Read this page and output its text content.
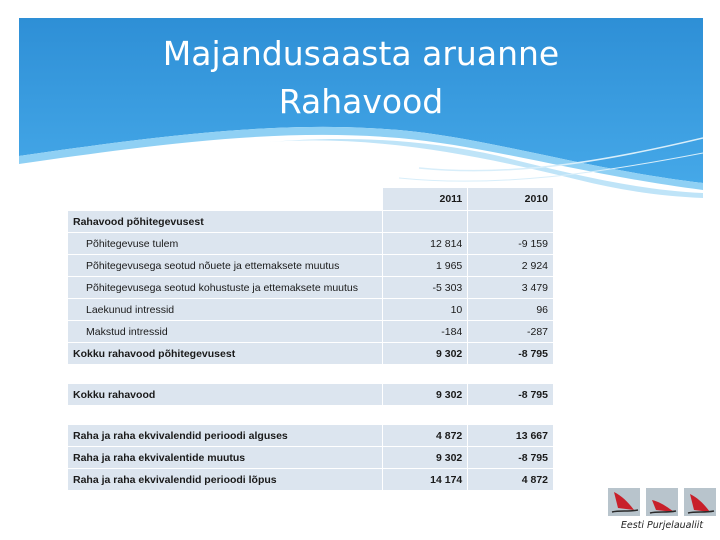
Majandusaasta aruanne
Rahavood
	2011	2010
Rahavood põhitegevusest		
Põhitegevuse tulem	12 814	-9 159
Põhitegevusega seotud nõuete ja ettemaksete muutus	1 965	2 924
Põhitegevusega seotud kohustuste ja ettemaksete muutus	-5 303	3 479
Laekunud intressid	10	96
Makstud intressid	-184	-287
Kokku rahavood põhitegevusest	9 302	-8 795

Kokku rahavood	9 302	-8 795

Raha ja raha ekvivalendid perioodi alguses	4 872	13 667
Raha ja raha ekvivalentide muutus	9 302	-8 795
Raha ja raha ekvivalendid perioodi lõpus	14 174	4 872
Eesti Purjelaualiit
